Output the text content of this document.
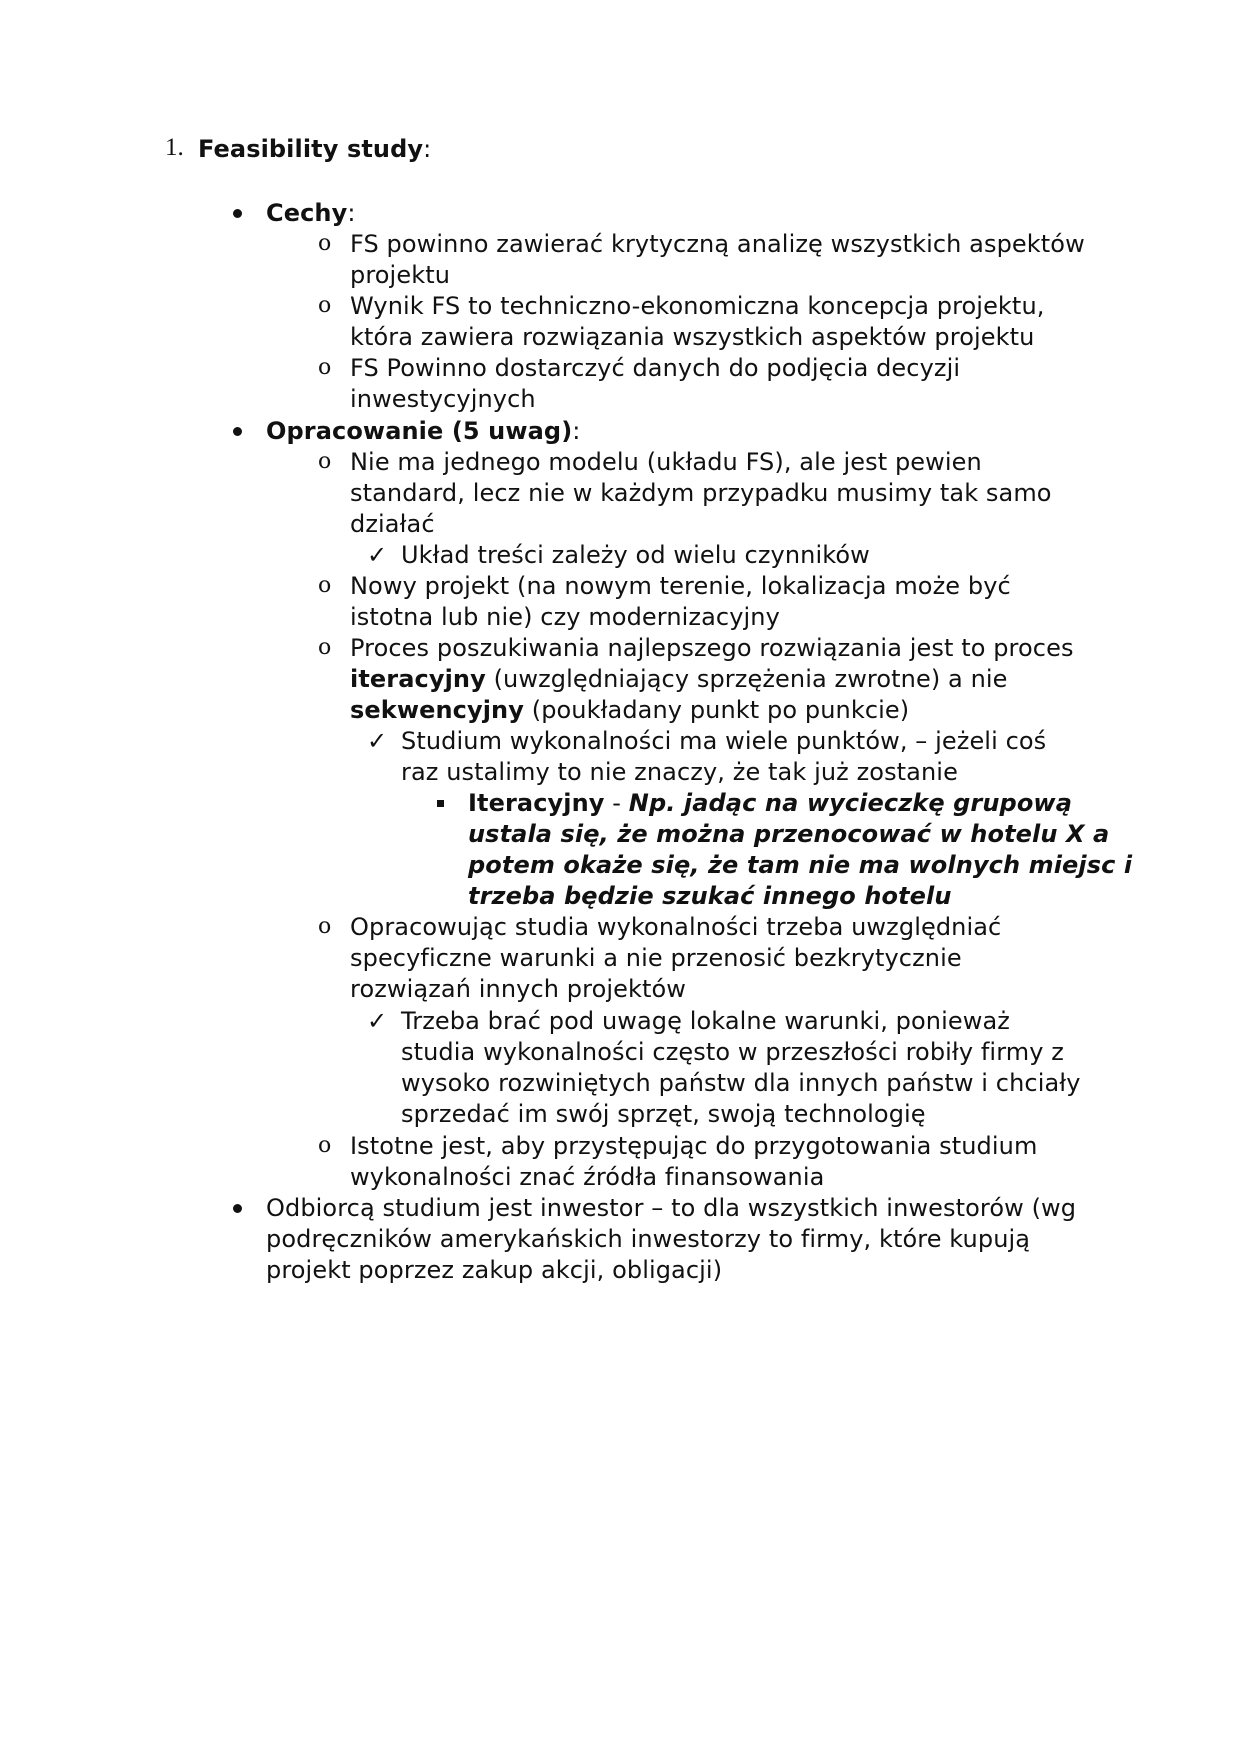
1. Feasibility study:
Cechy:
o FS powinno zawierać krytyczną analizę wszystkich aspektów
projektu
o Wynik FS to techniczno-ekonomiczna koncepcja projektu,
która zawiera rozwiązania wszystkich aspektów projektu
o FS Powinno dostarczyć danych do podjęcia decyzji
inwestycyjnych
Opracowanie (5 uwag):
o Nie ma jednego modelu (układu FS), ale jest pewien
standard, lecz nie w każdym przypadku musimy tak samo
działać
✓ Układ treści zależy od wielu czynników
o Nowy projekt (na nowym terenie, lokalizacja może być
istotna lub nie) czy modernizacyjny
o Proces poszukiwania najlepszego rozwiązania jest to proces
iteracyjny (uwzględniający sprzężenia zwrotne) a nie
sekwencyjny (poukładany punkt po punkcie)
✓ Studium wykonalności ma wiele punktów, – jeżeli coś
raz ustalimy to nie znaczy, że tak już zostanie
Iteracyjny - Np. jadąc na wycieczkę grupową
ustala się, że można przenocować w hotelu X a
potem okaże się, że tam nie ma wolnych miejsc i
trzeba będzie szukać innego hotelu
o Opracowując studia wykonalności trzeba uwzględniać
specyficzne warunki a nie przenosić bezkrytycznie
rozwiązań innych projektów
✓ Trzeba brać pod uwagę lokalne warunki, ponieważ
studia wykonalności często w przeszłości robiły firmy z
wysoko rozwiniętych państw dla innych państw i chciały
sprzedać im swój sprzęt, swoją technologię
o Istotne jest, aby przystępując do przygotowania studium
wykonalności znać źródła finansowania
Odbiorcą studium jest inwestor – to dla wszystkich inwestorów (wg
podręczników amerykańskich inwestorzy to firmy, które kupują
projekt poprzez zakup akcji, obligacji)
